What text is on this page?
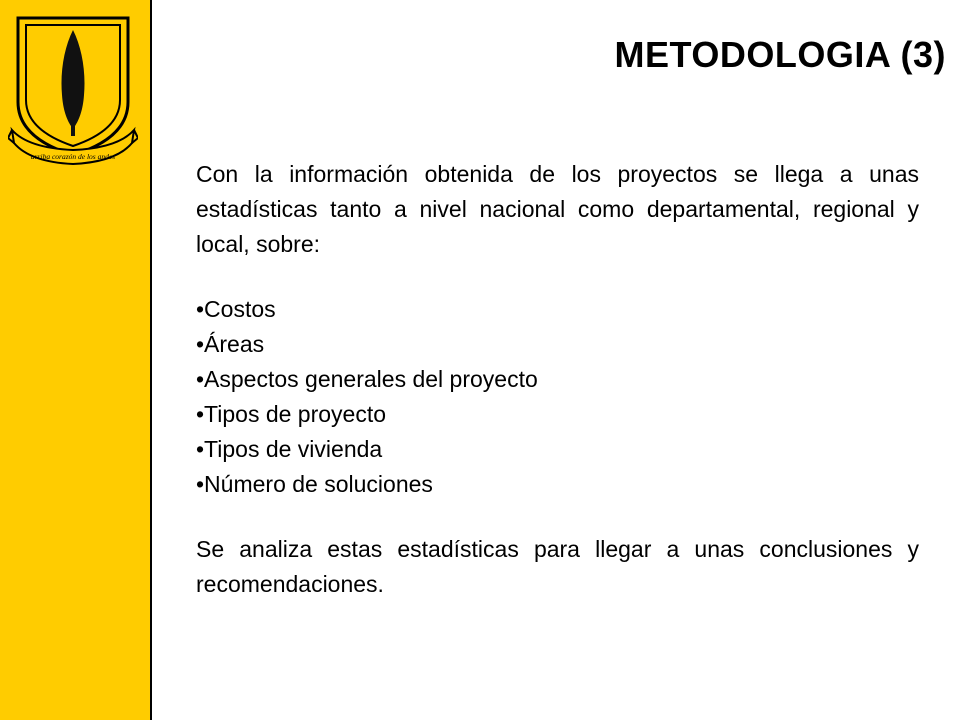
arriba corazón de los andes
METODOLOGIA (3)

Con la información obtenida de los proyectos se llega a unas estadísticas tanto a nivel nacional como departamental, regional y local, sobre:

•Costos
•Áreas
•Aspectos generales del proyecto
•Tipos de proyecto
•Tipos de vivienda
•Número de soluciones

Se analiza estas estadísticas para llegar a unas conclusiones y recomendaciones.
